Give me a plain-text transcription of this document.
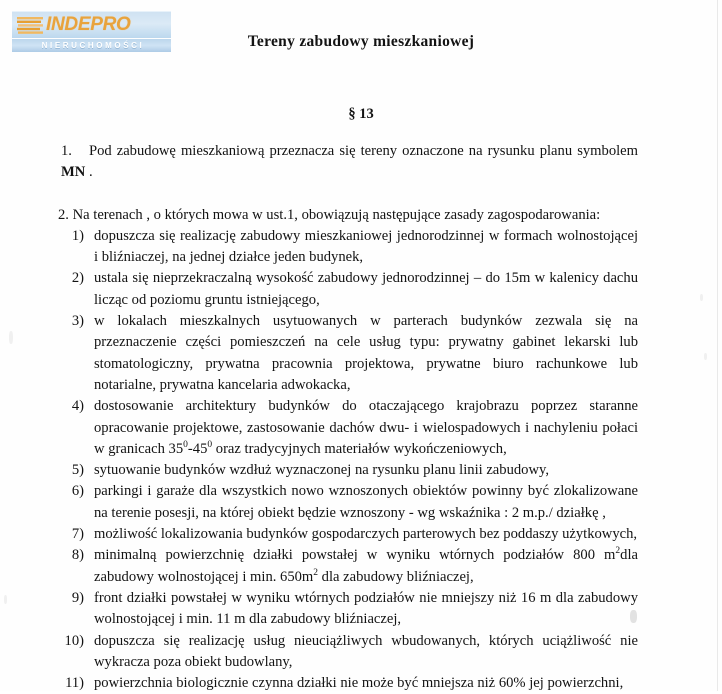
INDEPRO
NIERUCHOMOŚCI	Tereny zabudowy mieszkaniowej
§ 13

1. Pod zabudowę mieszkaniową przeznacza się tereny oznaczone na rysunku planu symbolem MN .

2. Na terenach , o których mowa w ust.1, obowiązują następujące zasady zagospodarowania:

1) dopuszcza się realizację zabudowy mieszkaniowej jednorodzinnej w formach wolnostojącej i bliźniaczej, na jednej działce jeden budynek,
2) ustala się nieprzekraczalną wysokość zabudowy jednorodzinnej – do 15m w kalenicy dachu licząc od poziomu gruntu istniejącego,
3) w lokalach mieszkalnych usytuowanych w parterach budynków zezwala się na przeznaczenie części pomieszczeń na cele usług typu: prywatny gabinet lekarski lub stomatologiczny, prywatna pracownia projektowa, prywatne biuro rachunkowe lub notarialne, prywatna kancelaria adwokacka,
4) dostosowanie architektury budynków do otaczającego krajobrazu poprzez staranne opracowanie projektowe, zastosowanie dachów dwu- i wielospadowych i nachyleniu połaci w granicach $35^0-45^0$ oraz tradycyjnych materiałów wykończeniowych,
5) sytuowanie budynków wzdłuż wyznaczonej na rysunku planu linii zabudowy,
6) parkingi i garaże dla wszystkich nowo wznoszonych obiektów powinny być zlokalizowane na terenie posesji, na której obiekt będzie wznoszony - wg wskaźnika : 2 m.p./ działkę ,
7) możliwość lokalizowania budynków gospodarczych parterowych bez poddaszy użytkowych,
8) minimalną powierzchnię działki powstałej w wyniku wtórnych podziałów 800 $m^2dla$ zabudowy wolnostojącej i min. $650m^2$ dla zabudowy bliźniaczej,
9) front działki powstałej w wyniku wtórnych podziałów nie mniejszy niż 16 m dla zabudowy wolnostojącej i min. 11 m dla zabudowy bliźniaczej,
10) dopuszcza się realizację usług nieuciążliwych wbudowanych, których uciążliwość nie wykracza poza obiekt budowlany,
11) powierzchnia biologicznie czynna działki nie może być mniejsza niż 60% jej powierzchni,
